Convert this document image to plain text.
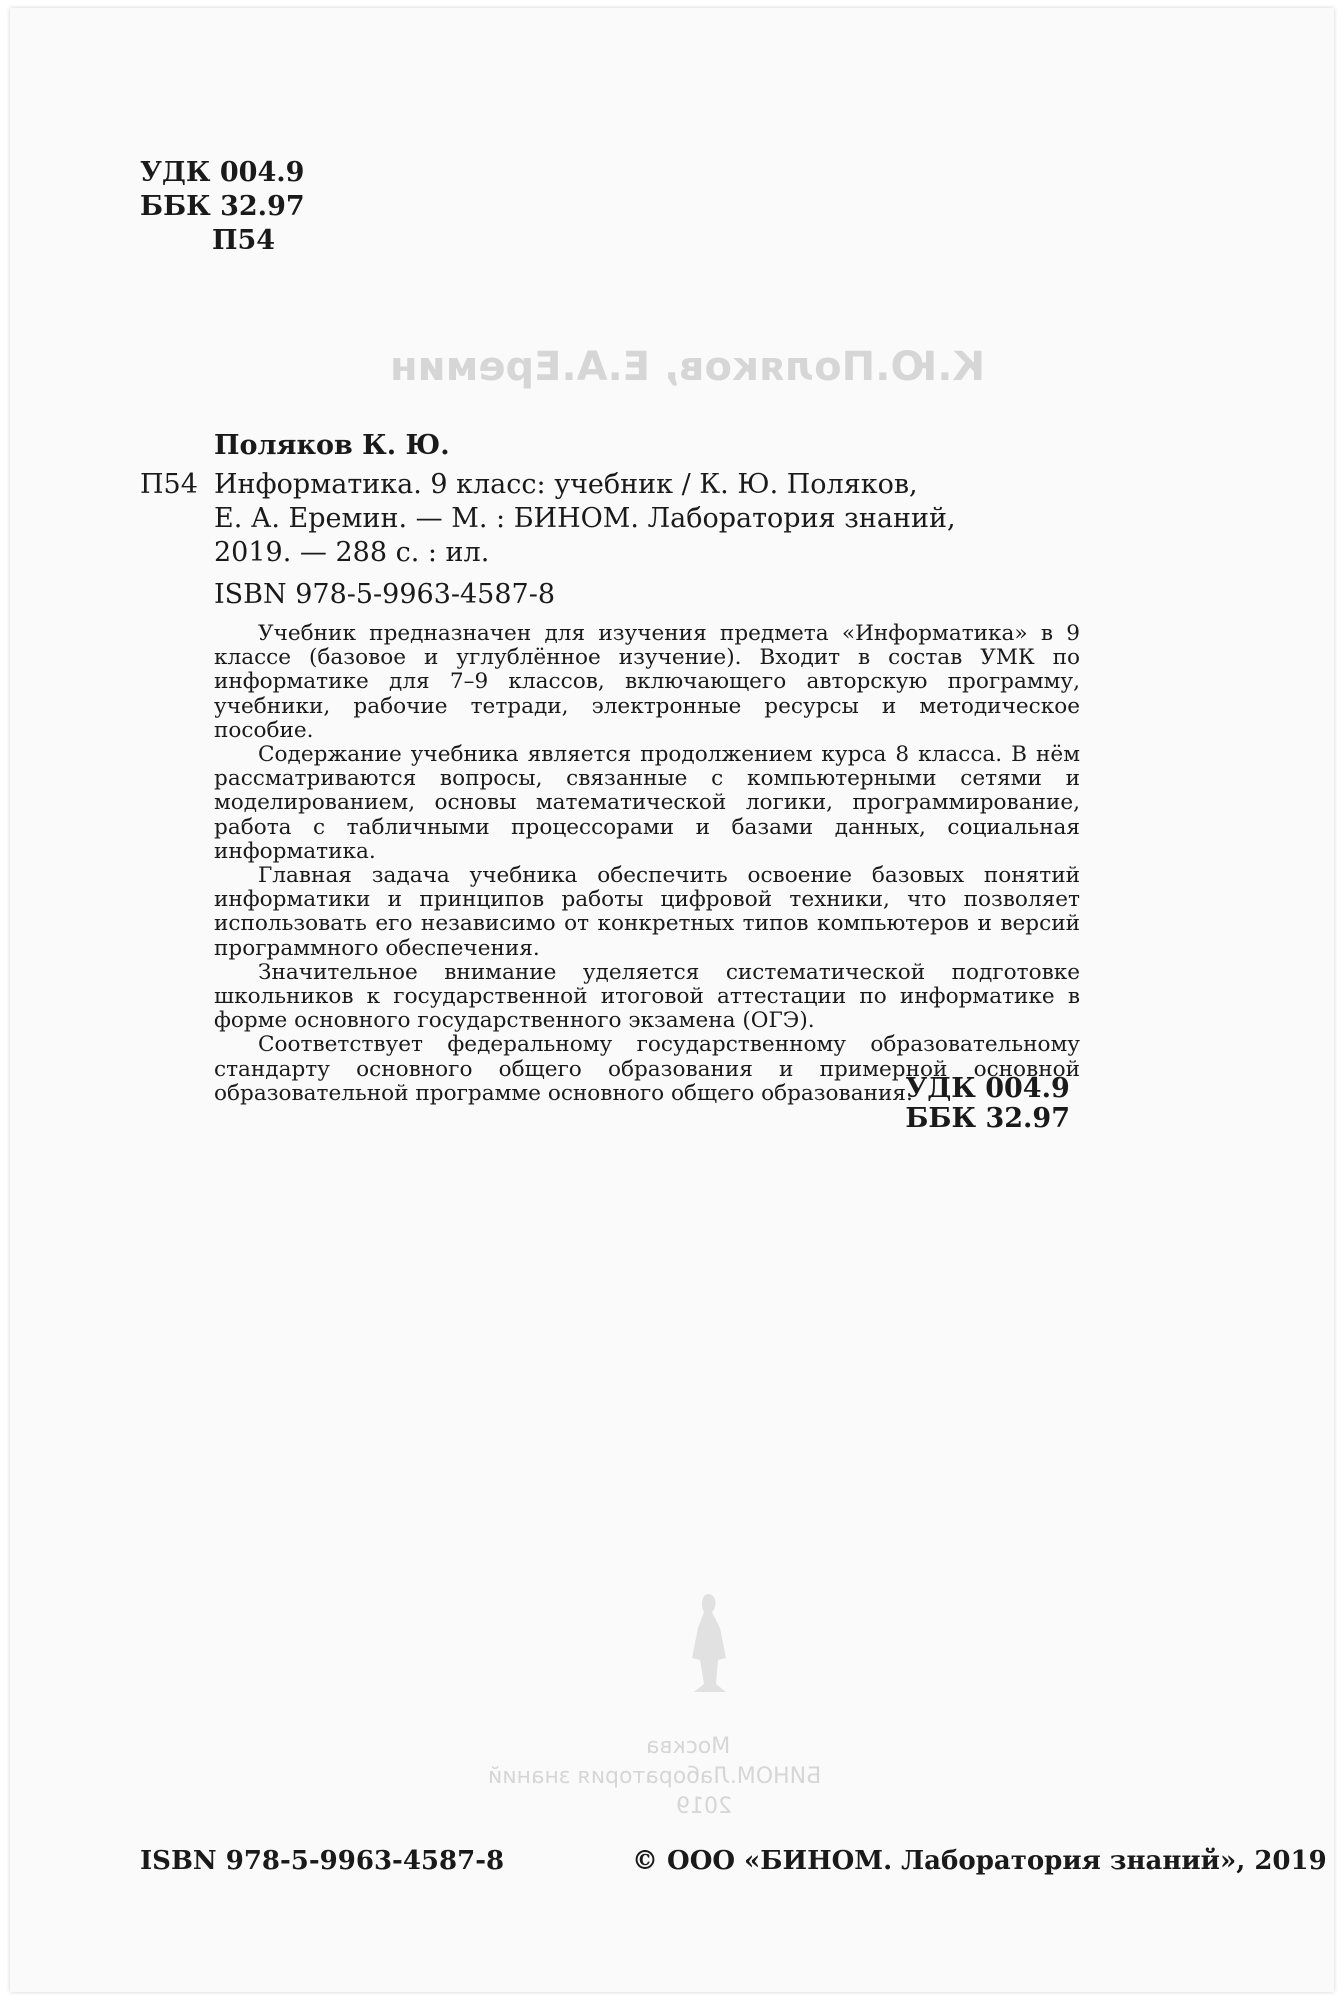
К.Ю.Поляков, Е.А.Еремин
Москва
БИНОМ.Лаборатория знаний
2019
УДК 004.9
ББК 32.97
П54
Поляков К. Ю.
П54 Информатика. 9 класс: учебник / К. Ю. Поляков,
Е. А. Еремин. — М. : БИНОМ. Лаборатория знаний,
2019. — 288 с. : ил.
ISBN 978-5-9963-4587-8

Учебник предназначен для изучения предмета «Информатика» в 9 классе (базовое и углублённое изучение). Входит в состав УМК по информатике для 7–9 классов, включающего авторскую программу, учебники, рабочие тетради, электронные ресурсы и методическое пособие.

Содержание учебника является продолжением курса 8 класса. В нём рассматриваются вопросы, связанные с компьютерными сетями и моделированием, основы математической логики, программирование, работа с табличными процессорами и базами данных, социальная информатика.

Главная задача учебника обеспечить освоение базовых понятий информатики и принципов работы цифровой техники, что позволяет использовать его независимо от конкретных типов компьютеров и версий программного обеспечения.

Значительное внимание уделяется систематической подготовке школьников к государственной итоговой аттестации по информатике в форме основного государственного экзамена (ОГЭ).

Соответствует федеральному государственному образовательному стандарту основного общего образования и примерной основной образовательной программе основного общего образования.

УДК 004.9
ББК 32.97
ISBN 978-5-9963-4587-8	© ООО «БИНОМ. Лаборатория знаний», 2019
